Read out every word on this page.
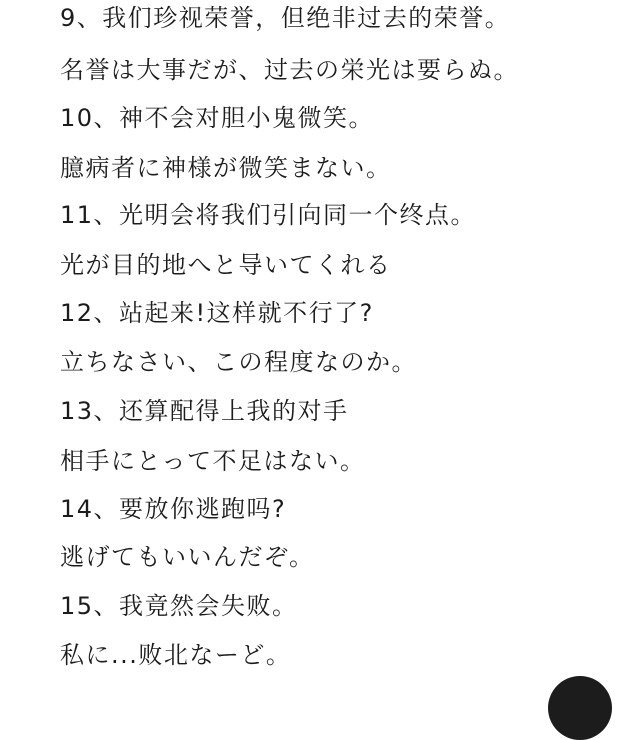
9、我们珍视荣誉，但绝非过去的荣誉。
名誉は大事だが、过去の栄光は要らぬ。
10、神不会对胆小鬼微笑。
臆病者に神様が微笑まない。
11、光明会将我们引向同一个终点。
光が目的地へと导いてくれる
12、站起来!这样就不行了?
立ちなさい、この程度なのか。
13、还算配得上我的对手
相手にとって不足はない。
14、要放你逃跑吗?
逃げてもいいんだぞ。
15、我竟然会失败。
私に...败北なーど。
